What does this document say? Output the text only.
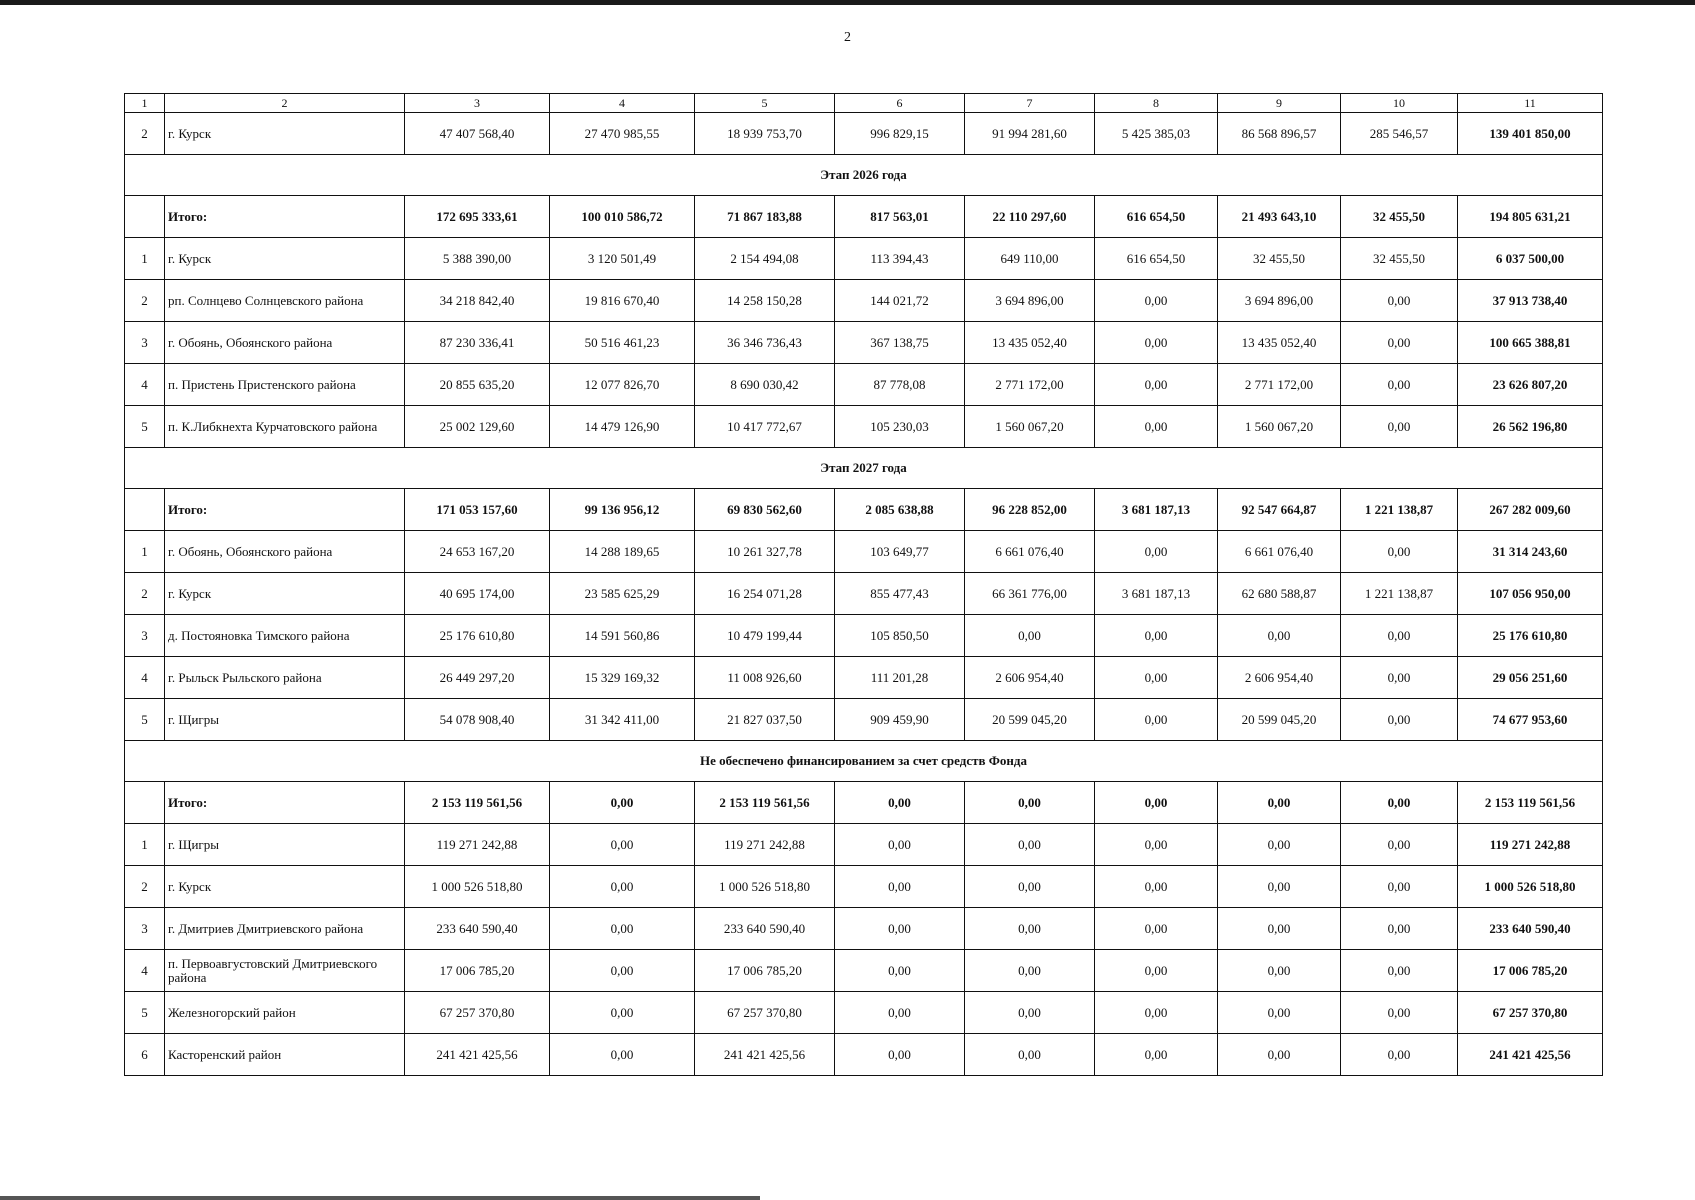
2
1	2	3	4	5	6	7	8	9	10	11
2	г. Курск	47 407 568,40	27 470 985,55	18 939 753,70	996 829,15	91 994 281,60	5 425 385,03	86 568 896,57	285 546,57	139 401 850,00
Этап 2026 года										
	Итого:	172 695 333,61	100 010 586,72	71 867 183,88	817 563,01	22 110 297,60	616 654,50	21 493 643,10	32 455,50	194 805 631,21
1	г. Курск	5 388 390,00	3 120 501,49	2 154 494,08	113 394,43	649 110,00	616 654,50	32 455,50	32 455,50	6 037 500,00
2	рп. Солнцево Солнцевского района	34 218 842,40	19 816 670,40	14 258 150,28	144 021,72	3 694 896,00	0,00	3 694 896,00	0,00	37 913 738,40
3	г. Обоянь, Обоянского района	87 230 336,41	50 516 461,23	36 346 736,43	367 138,75	13 435 052,40	0,00	13 435 052,40	0,00	100 665 388,81
4	п. Пристень Пристенского района	20 855 635,20	12 077 826,70	8 690 030,42	87 778,08	2 771 172,00	0,00	2 771 172,00	0,00	23 626 807,20
5	п. К.Либкнехта Курчатовского района	25 002 129,60	14 479 126,90	10 417 772,67	105 230,03	1 560 067,20	0,00	1 560 067,20	0,00	26 562 196,80
Этап 2027 года										
	Итого:	171 053 157,60	99 136 956,12	69 830 562,60	2 085 638,88	96 228 852,00	3 681 187,13	92 547 664,87	1 221 138,87	267 282 009,60
1	г. Обоянь, Обоянского района	24 653 167,20	14 288 189,65	10 261 327,78	103 649,77	6 661 076,40	0,00	6 661 076,40	0,00	31 314 243,60
2	г. Курск	40 695 174,00	23 585 625,29	16 254 071,28	855 477,43	66 361 776,00	3 681 187,13	62 680 588,87	1 221 138,87	107 056 950,00
3	д. Постояновка Тимского района	25 176 610,80	14 591 560,86	10 479 199,44	105 850,50	0,00	0,00	0,00	0,00	25 176 610,80
4	г. Рыльск Рыльского района	26 449 297,20	15 329 169,32	11 008 926,60	111 201,28	2 606 954,40	0,00	2 606 954,40	0,00	29 056 251,60
5	г. Щигры	54 078 908,40	31 342 411,00	21 827 037,50	909 459,90	20 599 045,20	0,00	20 599 045,20	0,00	74 677 953,60
Не обеспечено финансированием за счет средств Фонда										
	Итого:	2 153 119 561,56	0,00	2 153 119 561,56	0,00	0,00	0,00	0,00	0,00	2 153 119 561,56
1	г. Щигры	119 271 242,88	0,00	119 271 242,88	0,00	0,00	0,00	0,00	0,00	119 271 242,88
2	г. Курск	1 000 526 518,80	0,00	1 000 526 518,80	0,00	0,00	0,00	0,00	0,00	1 000 526 518,80
3	г. Дмитриев Дмитриевского района	233 640 590,40	0,00	233 640 590,40	0,00	0,00	0,00	0,00	0,00	233 640 590,40
4	п. Первоавгустовский Дмитриевского района	17 006 785,20	0,00	17 006 785,20	0,00	0,00	0,00	0,00	0,00	17 006 785,20
5	Железногорский район	67 257 370,80	0,00	67 257 370,80	0,00	0,00	0,00	0,00	0,00	67 257 370,80
6	Касторенский район	241 421 425,56	0,00	241 421 425,56	0,00	0,00	0,00	0,00	0,00	241 421 425,56
